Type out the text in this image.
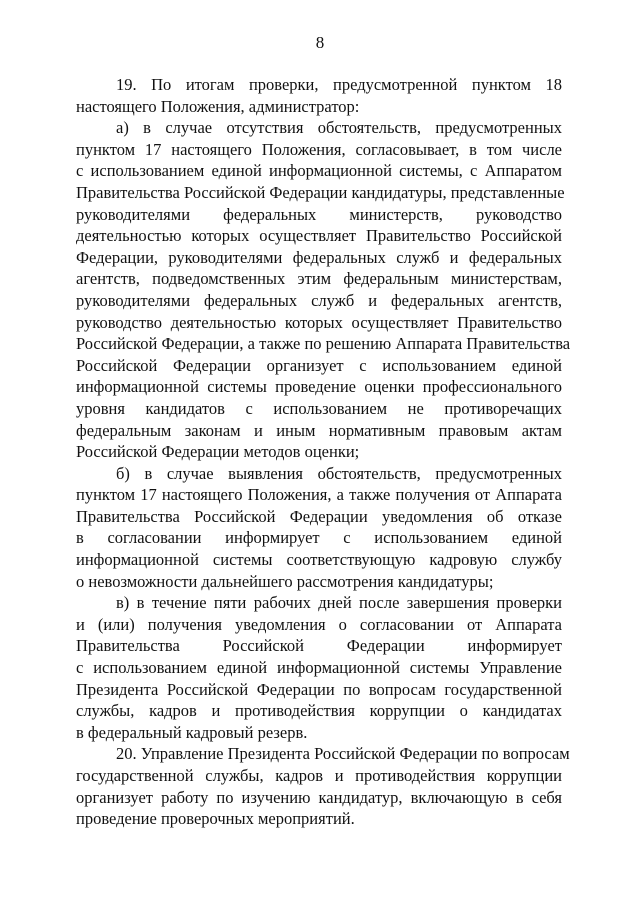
8
19. По итогам проверки, предусмотренной пунктом 18
настоящего Положения, администратор:
а) в случае отсутствия обстоятельств, предусмотренных
пунктом 17 настоящего Положения, согласовывает, в том числе
с использованием единой информационной системы, с Аппаратом
Правительства Российской Федерации кандидатуры, представленные
руководителями федеральных министерств, руководство
деятельностью которых осуществляет Правительство Российской
Федерации, руководителями федеральных служб и федеральных
агентств, подведомственных этим федеральным министерствам,
руководителями федеральных служб и федеральных агентств,
руководство деятельностью которых осуществляет Правительство
Российской Федерации, а также по решению Аппарата Правительства
Российской Федерации организует с использованием единой
информационной системы проведение оценки профессионального
уровня кандидатов с использованием не противоречащих
федеральным законам и иным нормативным правовым актам
Российской Федерации методов оценки;
б) в случае выявления обстоятельств, предусмотренных
пунктом 17 настоящего Положения, а также получения от Аппарата
Правительства Российской Федерации уведомления об отказе
в согласовании информирует с использованием единой
информационной системы соответствующую кадровую службу
о невозможности дальнейшего рассмотрения кандидатуры;
в) в течение пяти рабочих дней после завершения проверки
и (или) получения уведомления о согласовании от Аппарата
Правительства Российской Федерации информирует
с использованием единой информационной системы Управление
Президента Российской Федерации по вопросам государственной
службы, кадров и противодействия коррупции о кандидатах
в федеральный кадровый резерв.
20. Управление Президента Российской Федерации по вопросам
государственной службы, кадров и противодействия коррупции
организует работу по изучению кандидатур, включающую в себя
проведение проверочных мероприятий.
